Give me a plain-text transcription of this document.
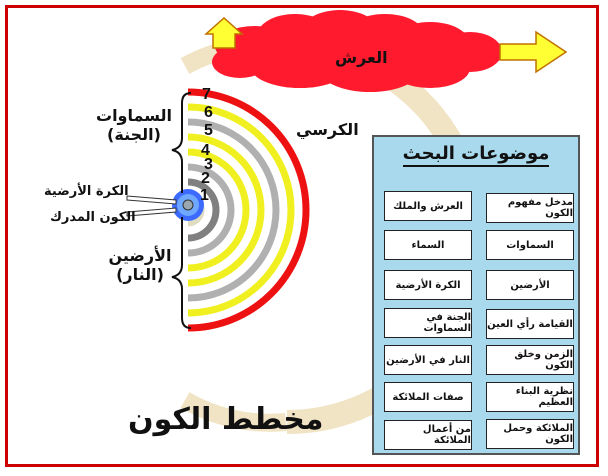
العرش
الكرسي
السماوات
(الجنة)
الأرضين
(النار)
الكرة الأرضية
الكون المدرك
7
6
5
4
3
2
1
مخطط الكون
موضوعات البحث
مدخل مفهوم الكون
السماوات
الأرضين
القيامة رأي العين
الزمن وخلق الكون
نظرية البناء العظيم
الملائكة وحمل الكون
العرش والملك
السماء
الكرة الأرضية
الجنة في السماوات
النار في الأرضين
صفات الملائكة
من أعمال الملائكة
